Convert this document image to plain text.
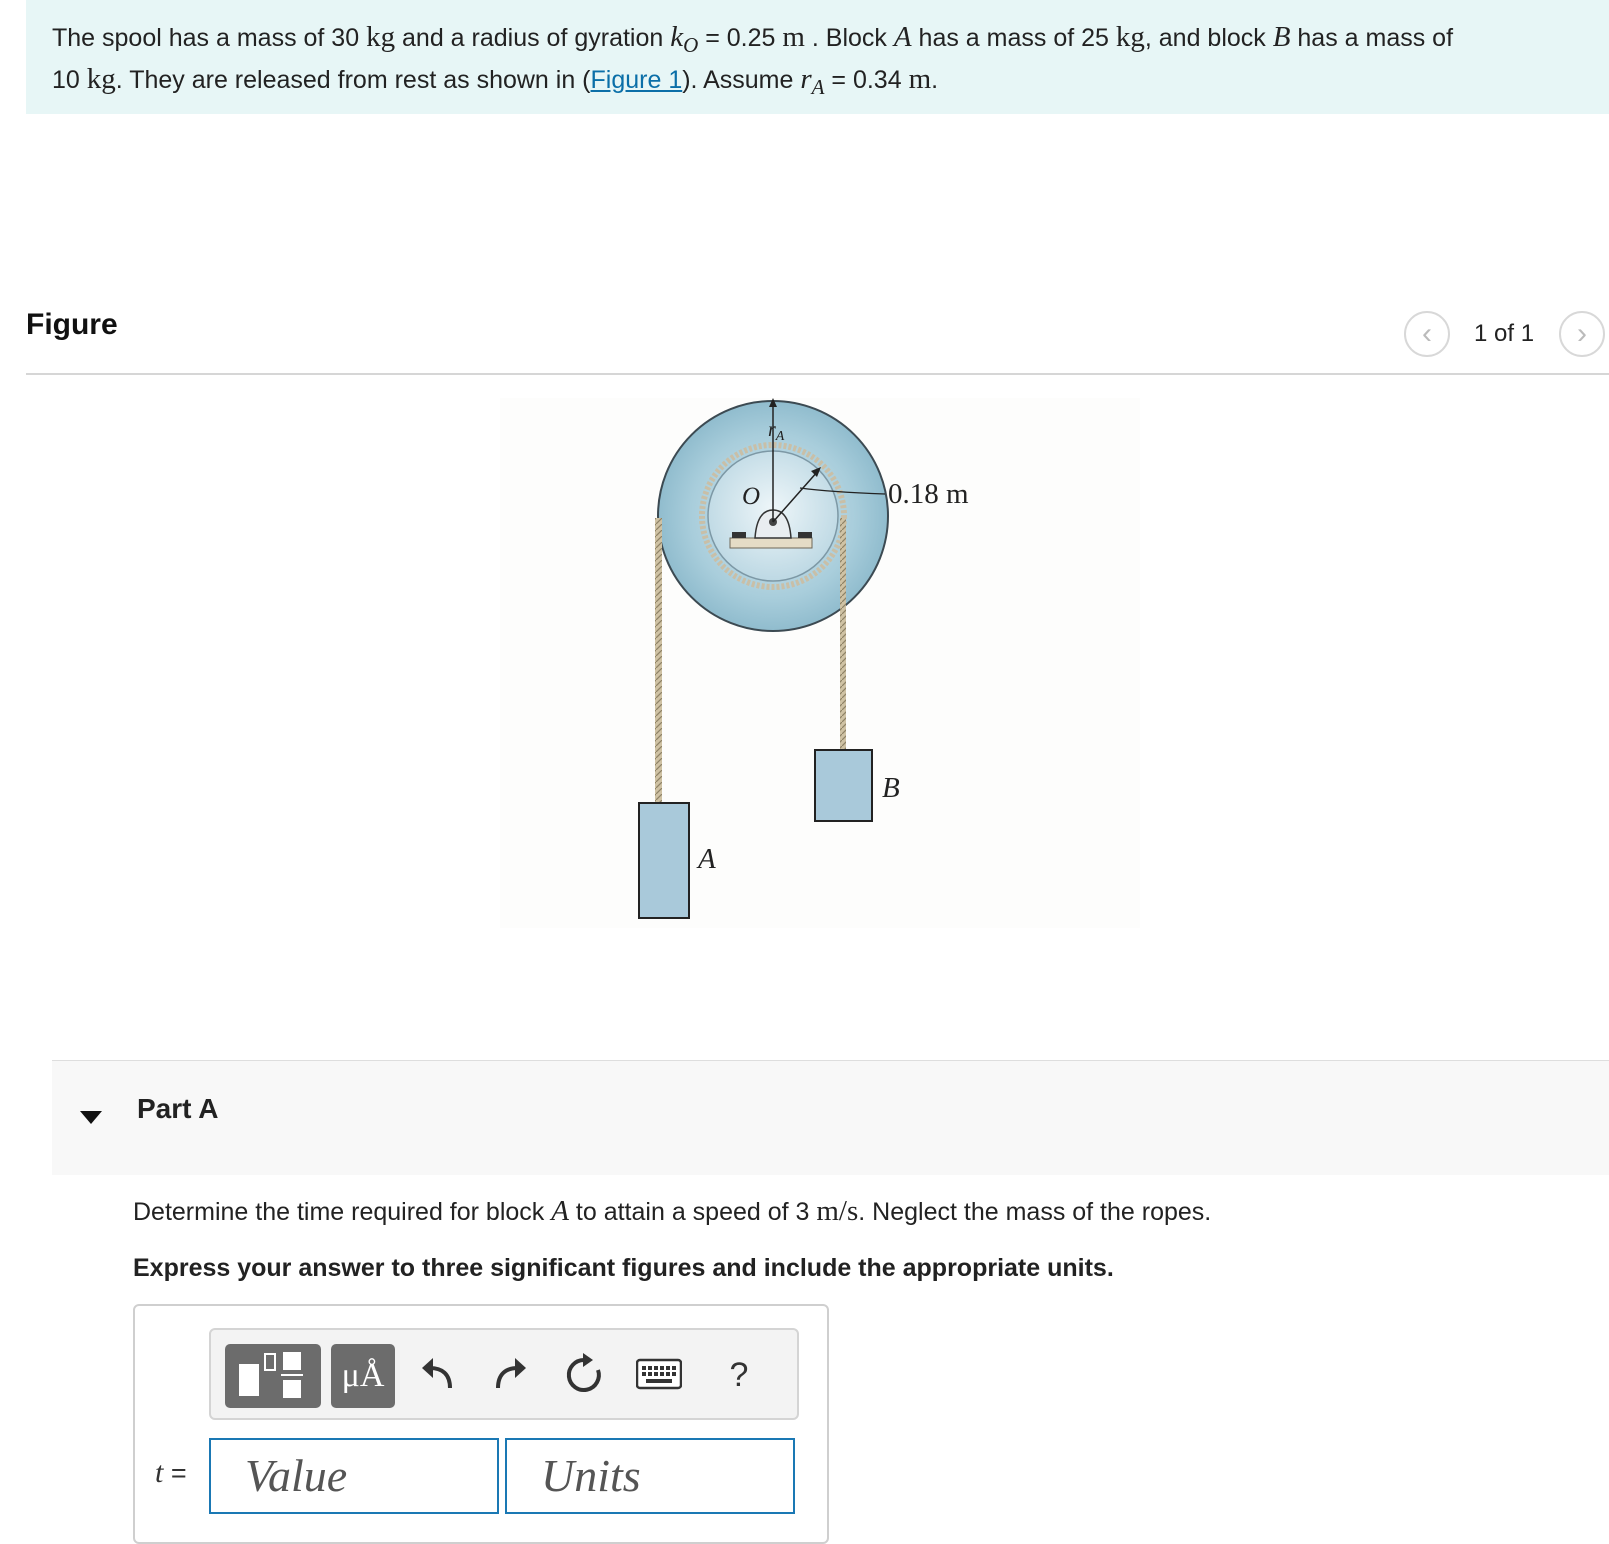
The spool has a mass of 30 kg and a radius of gyration $k_O = 0.25$ m . Block A has a mass of 25 kg, and block B has a mass of
10 kg. They are released from rest as shown in (Figure 1). Assume $r_A = 0.34$ m.
Figure	‹ 1 of 1 ›
$r_A$
O	0.18 m
A
B
Part A
Determine the time required for block A to attain a speed of 3 m/s. Neglect the mass of the ropes.
Express your answer to three significant figures and include the appropriate units.
μÅ	?
t =	Value	Units
